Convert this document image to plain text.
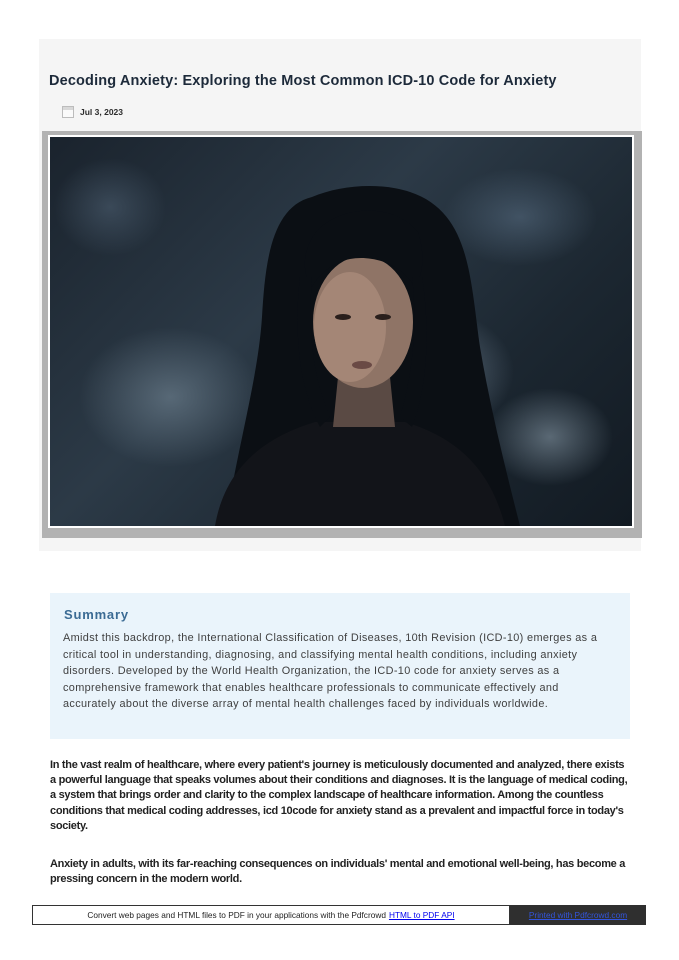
Decoding Anxiety: Exploring the Most Common ICD-10 Code for Anxiety
Jul 3, 2023
Summary

Amidst this backdrop, the International Classification of Diseases, 10th Revision (ICD-10) emerges as a critical tool in understanding, diagnosing, and classifying mental health conditions, including anxiety disorders. Developed by the World Health Organization, the ICD-10 code for anxiety serves as a comprehensive framework that enables healthcare professionals to communicate effectively and accurately about the diverse array of mental health challenges faced by individuals worldwide.

In the vast realm of healthcare, where every patient's journey is meticulously documented and analyzed, there exists a powerful language that speaks volumes about their conditions and diagnoses. It is the language of medical coding, a system that brings order and clarity to the complex landscape of healthcare information. Among the countless conditions that medical coding addresses, icd 10code for anxiety stand as a prevalent and impactful force in today's society.

Anxiety in adults, with its far-reaching consequences on individuals' mental and emotional well-being, has become a pressing concern in the modern world.

Convert web pages and HTML files to PDF in your applications with the Pdfcrowd HTML to PDF API	Printed with Pdfcrowd.com
